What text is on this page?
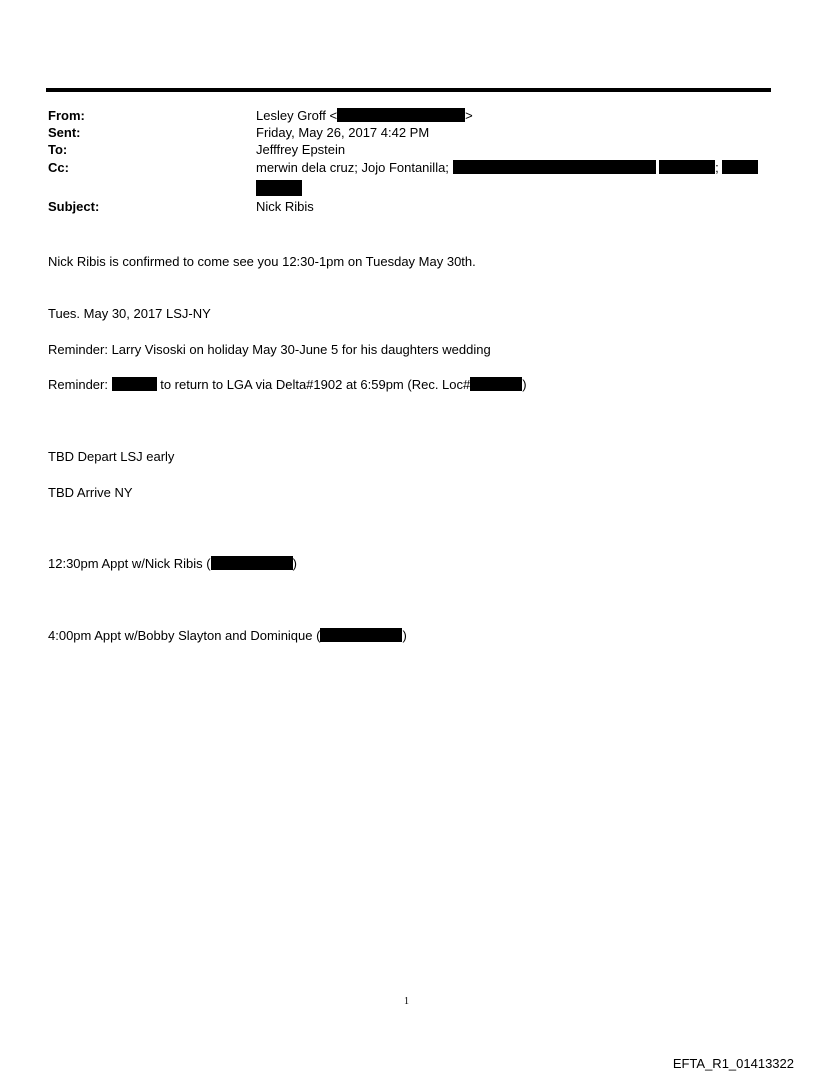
From:	Lesley Groff <	>
Sent:	Friday, May 26, 2017 4:42 PM
To:	Jefffrey Epstein
Cc:	merwin dela cruz; Jojo Fontanilla;	;
Subject:	Nick Ribis
Nick Ribis is confirmed to come see you 12:30-1pm on Tuesday May 30th.
Tues. May 30, 2017 LSJ-NY
Reminder: Larry Visoski on holiday May 30-June 5 for his daughters wedding
Reminder:	to return to LGA via Delta#1902 at 6:59pm (Rec. Loc#	)
TBD Depart LSJ early
TBD Arrive NY
12:30pm Appt w/Nick Ribis (	)
4:00pm Appt w/Bobby Slayton and Dominique (	)
1
EFTA_R1_01413322
